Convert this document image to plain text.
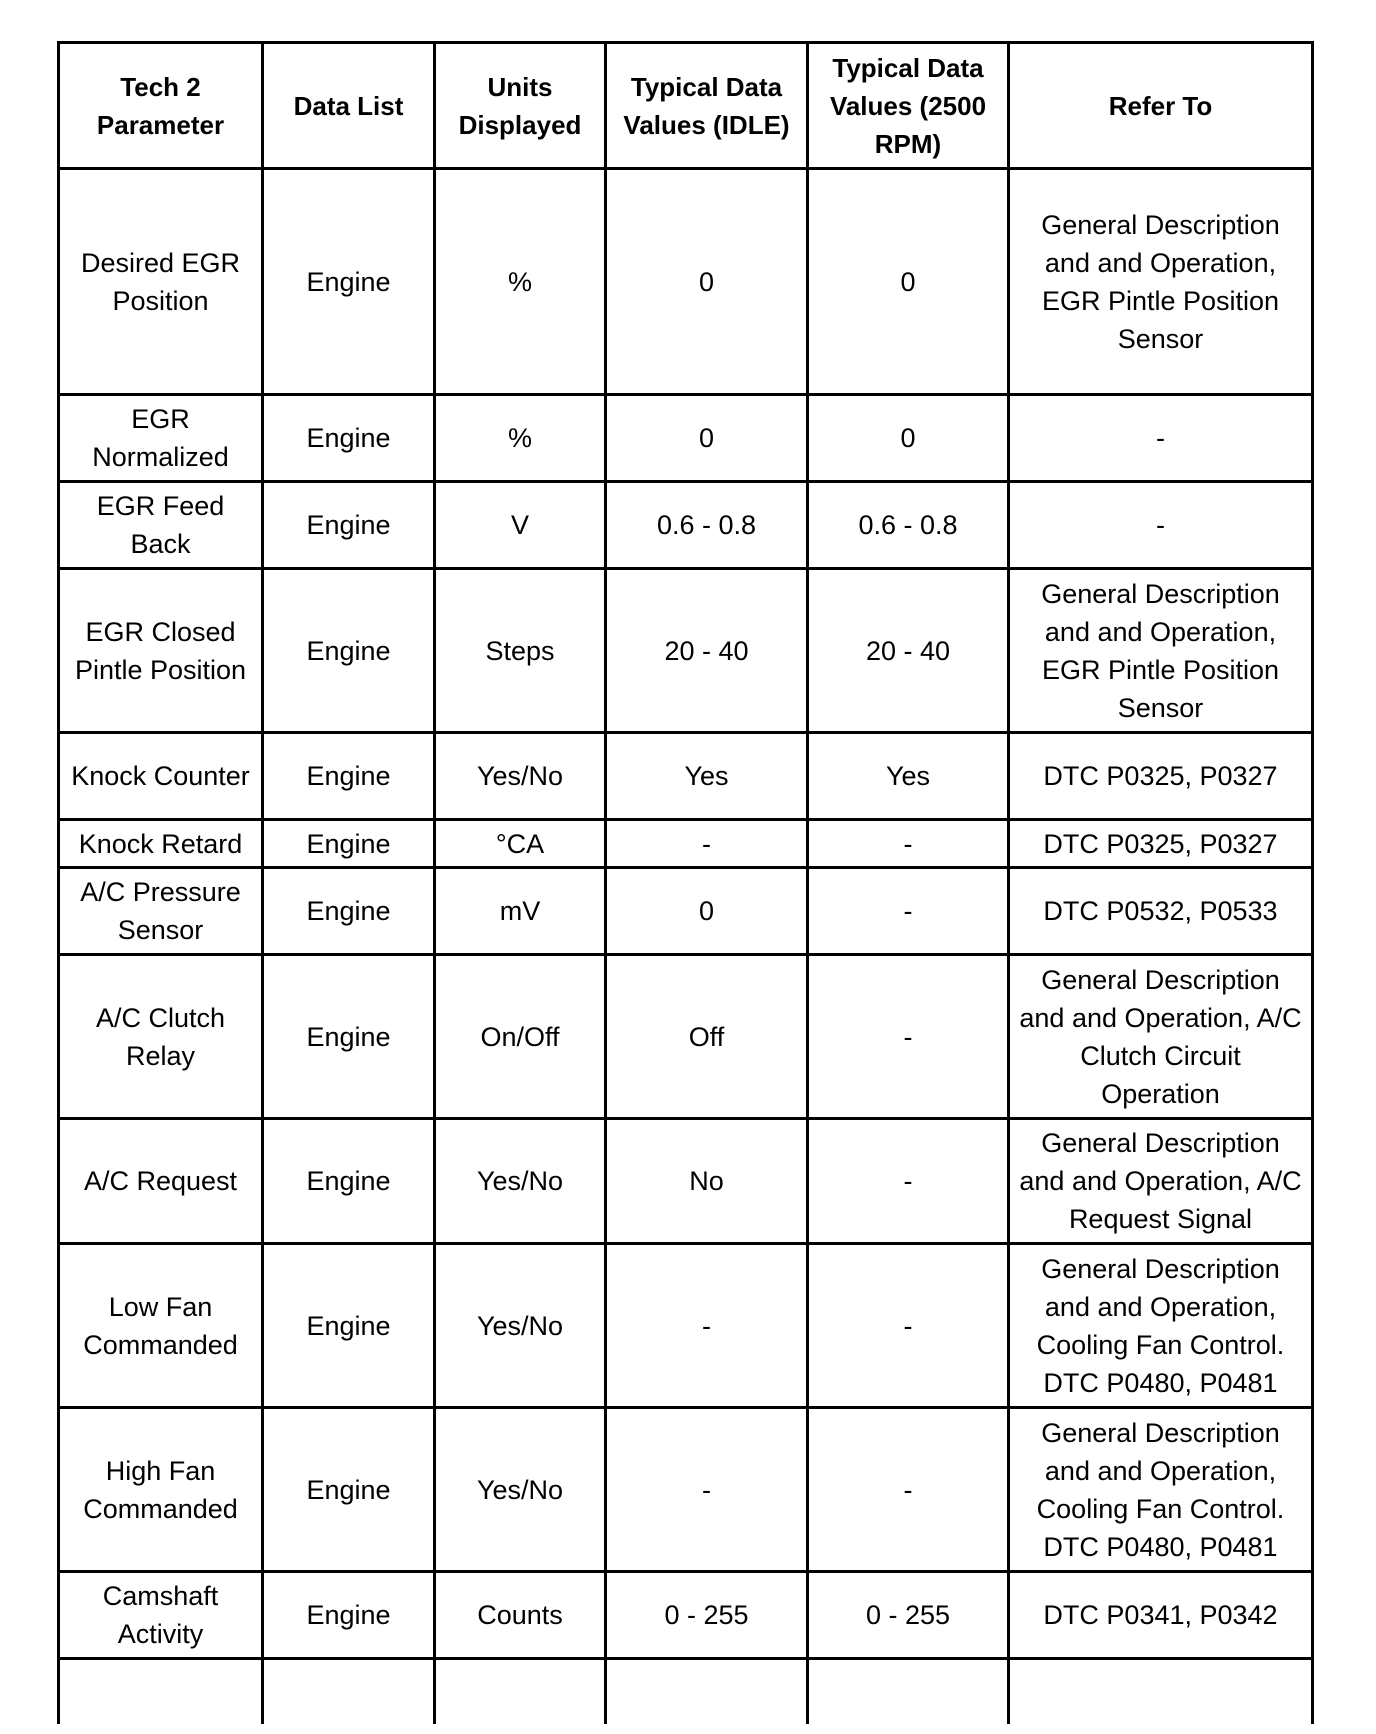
Tech 2 Parameter	Data List	Units Displayed	Typical Data Values (IDLE)	Typical Data Values (2500 RPM)	Refer To
Desired EGR Position	Engine	%	0	0	General Description and and Operation, EGR Pintle Position Sensor
EGR Normalized	Engine	%	0	0	-
EGR Feed Back	Engine	V	0.6 - 0.8	0.6 - 0.8	-
EGR Closed Pintle Position	Engine	Steps	20 - 40	20 - 40	General Description and and Operation, EGR Pintle Position Sensor
Knock Counter	Engine	Yes/No	Yes	Yes	DTC P0325, P0327
Knock Retard	Engine	°CA	-	-	DTC P0325, P0327
A/C Pressure Sensor	Engine	mV	0	-	DTC P0532, P0533
A/C Clutch Relay	Engine	On/Off	Off	-	General Description and and Operation, A/C Clutch Circuit Operation
A/C Request	Engine	Yes/No	No	-	General Description and and Operation, A/C Request Signal
Low Fan Commanded	Engine	Yes/No	-	-	General Description and and Operation, Cooling Fan Control. DTC P0480, P0481
High Fan Commanded	Engine	Yes/No	-	-	General Description and and Operation, Cooling Fan Control. DTC P0480, P0481
Camshaft Activity	Engine	Counts	0 - 255	0 - 255	DTC P0341, P0342
